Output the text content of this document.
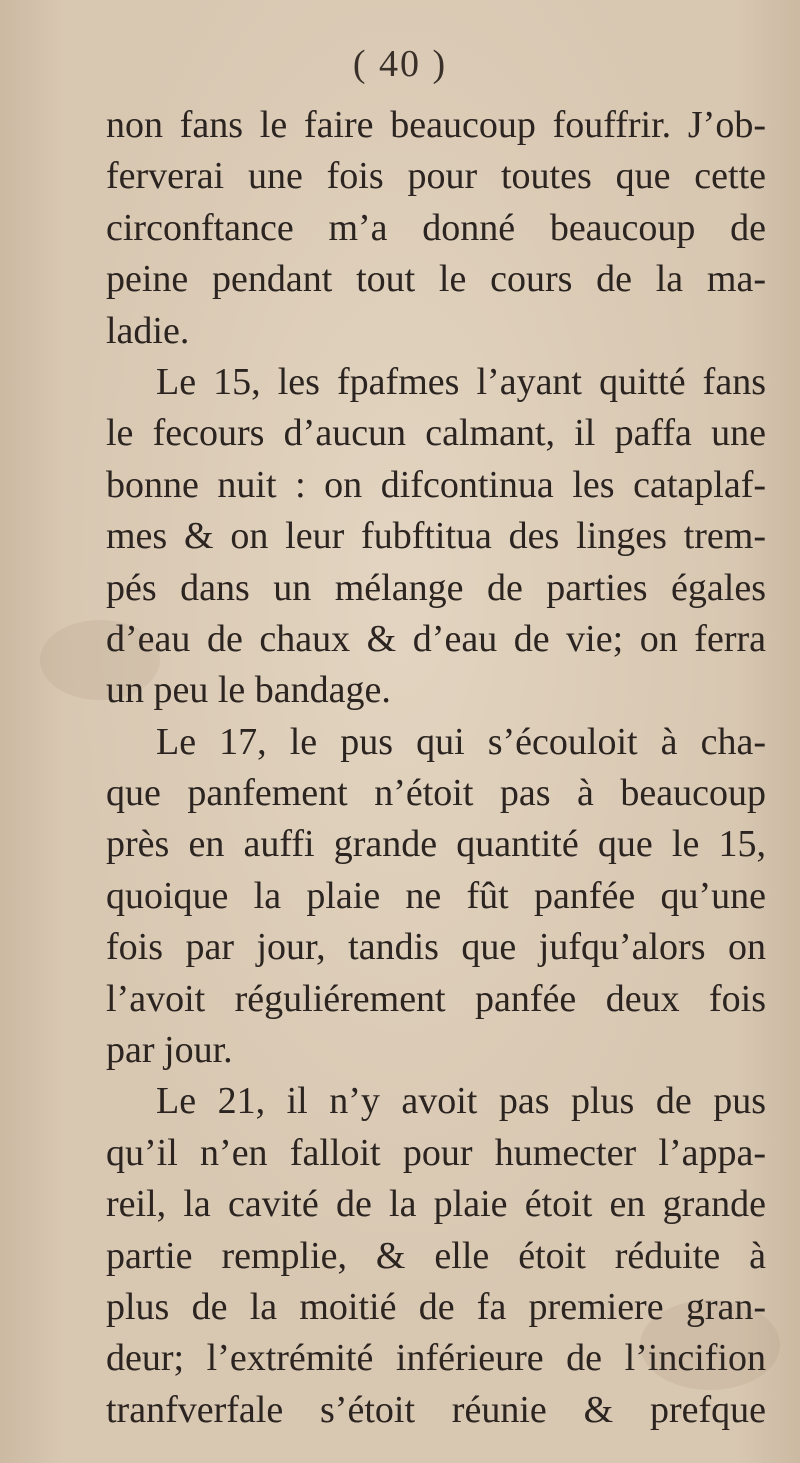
( 40 )
non fans le faire beaucoup fouffrir. J’ob‐
ferverai une fois pour toutes que cette
circonftance m’a donné beaucoup de
peine pendant tout le cours de la ma-
ladie.
Le 15, les fpafmes l’ayant quitté fans
le fecours d’aucun calmant, il paffa une
bonne nuit : on difcontinua les cataplaf-
mes & on leur fubftitua des linges trem-
pés dans un mélange de parties égales
d’eau de chaux & d’eau de vie; on ferra
un peu le bandage.
Le 17, le pus qui s’écouloit à cha-
que panfement n’étoit pas à beaucoup
près en auffi grande quantité que le 15,
quoique la plaie ne fût panfée qu’une
fois par jour, tandis que jufqu’alors on
l’avoit réguliérement panfée deux fois
par jour.
Le 21, il n’y avoit pas plus de pus
qu’il n’en falloit pour humecter l’appa-
reil, la cavité de la plaie étoit en grande
partie remplie, & elle étoit réduite à
plus de la moitié de fa premiere gran-
deur; l’extrémité inférieure de l’incifion
tranfverfale s’étoit réunie & prefque
